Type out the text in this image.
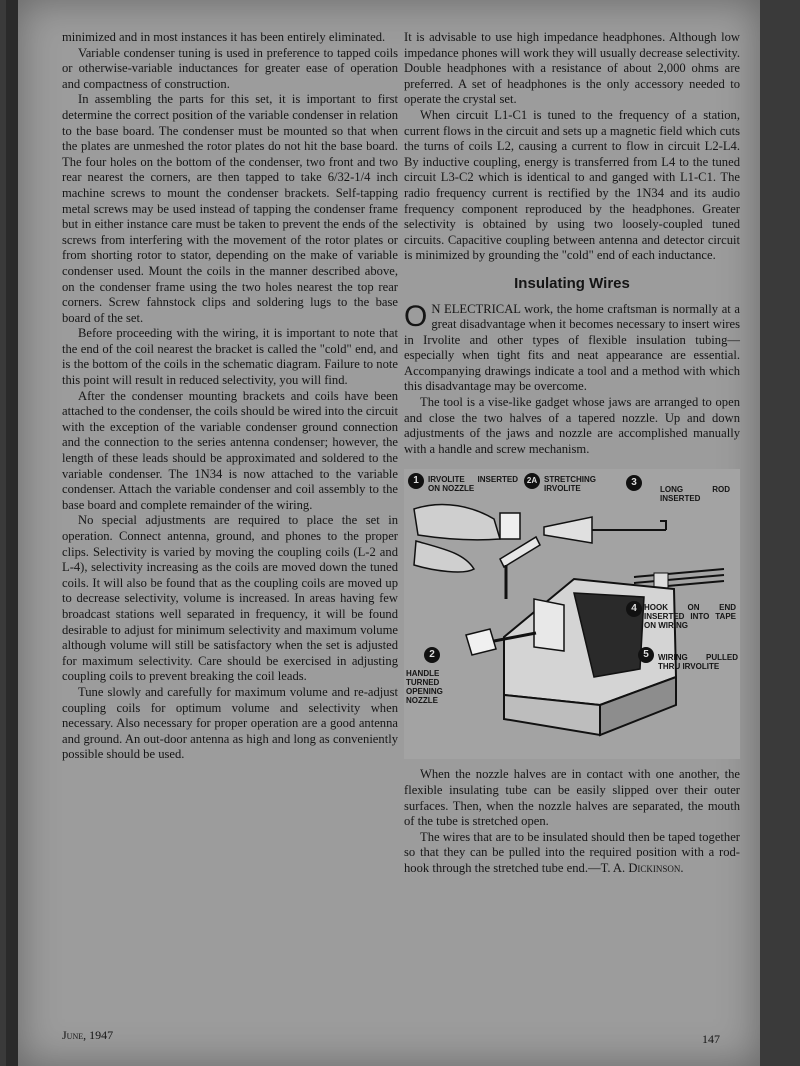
minimized and in most instances it has been entirely eliminated.

Variable condenser tuning is used in preference to tapped coils or otherwise-variable inductances for greater ease of operation and compactness of construction.

In assembling the parts for this set, it is important to first determine the correct position of the variable condenser in relation to the base board. The condenser must be mounted so that when the plates are unmeshed the rotor plates do not hit the base board. The four holes on the bottom of the condenser, two front and two rear nearest the corners, are then tapped to take 6/32-1/4 inch machine screws to mount the condenser brackets. Self-tapping metal screws may be used instead of tapping the condenser frame but in either instance care must be taken to prevent the ends of the screws from interfering with the movement of the rotor plates or from shorting rotor to stator, depending on the make of variable condenser used. Mount the coils in the manner described above, on the condenser frame using the two holes nearest the top rear corners. Screw fahnstock clips and soldering lugs to the base board of the set.

Before proceeding with the wiring, it is important to note that the end of the coil nearest the bracket is called the "cold" end, and is the bottom of the coils in the schematic diagram. Failure to note this point will result in reduced selectivity, you will find.

After the condenser mounting brackets and coils have been attached to the condenser, the coils should be wired into the circuit with the exception of the variable condenser ground connection and the connection to the series antenna condenser; however, the length of these leads should be approximated and soldered to the variable condenser. The 1N34 is now attached to the variable condenser. Attach the variable condenser and coil assembly to the base board and complete remainder of the wiring.

No special adjustments are required to place the set in operation. Connect antenna, ground, and phones to the proper clips. Selectivity is varied by moving the coupling coils (L-2 and L-4), selectivity increasing as the coils are moved down the tuned coils. It will also be found that as the coupling coils are moved up to decrease selectivity, volume is increased. In areas having few broadcast stations well separated in frequency, it will be found desirable to adjust for minimum selectivity and maximum volume although volume will still be satisfactory when the set is adjusted for maximum selectivity. Care should be exercised in adjusting coupling coils to prevent breaking the coil leads.

Tune slowly and carefully for maximum volume and re-adjust coupling coils for optimum volume and selectivity when necessary. Also necessary for proper operation are a good antenna and ground. An out-door antenna as high and long as conveniently possible should be used.

It is advisable to use high impedance headphones. Although low impedance phones will work they will usually decrease selectivity. Double headphones with a resistance of about 2,000 ohms are preferred. A set of headphones is the only accessory needed to operate the crystal set.

When circuit L1-C1 is tuned to the frequency of a station, current flows in the circuit and sets up a magnetic field which cuts the turns of coils L2, causing a current to flow in circuit L2-L4. By inductive coupling, energy is transferred from L4 to the tuned circuit L3-C2 which is identical to and ganged with L1-C1. The radio frequency current is rectified by the 1N34 and its audio frequency component reproduced by the headphones. Greater selectivity is obtained by using two loosely-coupled tuned circuits. Capacitive coupling between antenna and detector circuit is minimized by grounding the "cold" end of each inductance.

Insulating Wires

O N ELECTRICAL work, the home craftsman is normally at a great disadvantage when it becomes necessary to insert wires in Irvolite and other types of flexible insulation tubing—especially when tight fits and neat appearance are essential. Accompanying drawings indicate a tool and a method with which this disadvantage may be overcome.

The tool is a vise-like gadget whose jaws are arranged to open and close the two halves of a tapered nozzle. Up and down adjustments of the jaws and nozzle are accomplished manually with a handle and screw mechanism.

1	IRVOLITE INSERTED ON NOZZLE
2A STRETCHING IRVOLITE
3
LONG ROD INSERTED
4 HOOK ON END INSERTED INTO TAPE ON WIRING
5	WIRING PULLED THRU IRVOLITE
2
HANDLE TURNED OPENING NOZZLE

When the nozzle halves are in contact with one another, the flexible insulating tube can be easily slipped over their outer surfaces. Then, when the nozzle halves are separated, the mouth of the tube is stretched open.

The wires that are to be insulated should then be taped together so that they can be pulled into the required position with a rod-hook through the stretched tube end.—T. A. Dickinson.

June, 1947	147
